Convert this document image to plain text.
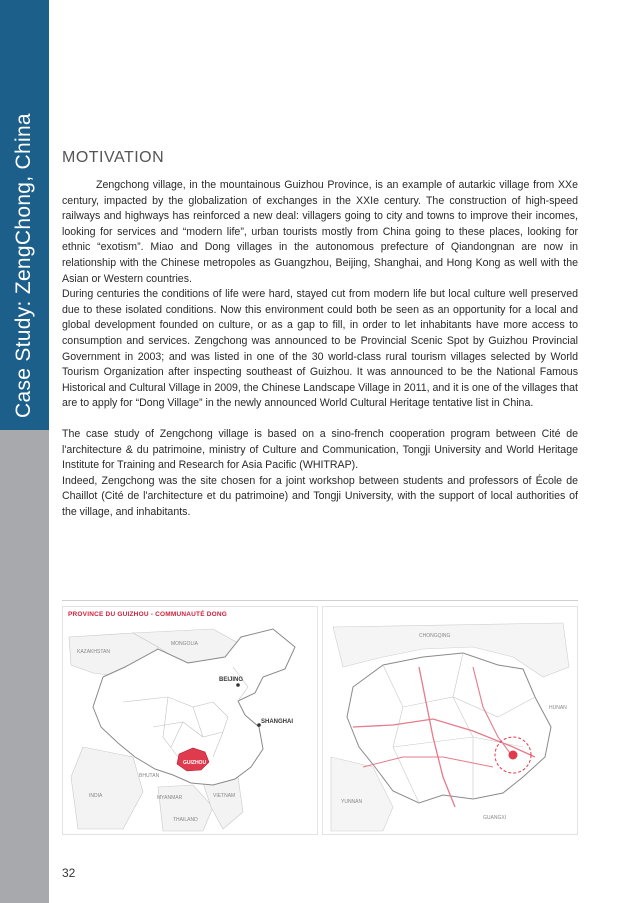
Case Study: ZengChong, China	MOTIVATION

Zengchong village, in the mountainous Guizhou Province, is an example of autarkic village from XXe century, impacted by the globalization of exchanges in the XXIe century. The construction of high-speed railways and highways has reinforced a new deal: villagers going to city and towns to improve their incomes, looking for services and “modern life”, urban tourists mostly from China going to these places, looking for ethnic “exotism”. Miao and Dong villages in the autonomous prefecture of Qiandongnan are now in relationship with the Chinese metropoles as Guangzhou, Beijing, Shanghai, and Hong Kong as well with the Asian or Western countries.

During centuries the conditions of life were hard, stayed cut from modern life but local culture well preserved due to these isolated conditions. Now this environment could both be seen as an opportunity for a local and global development founded on culture, or as a gap to fill, in order to let inhabitants have more access to consumption and services. Zengchong was announced to be Provincial Scenic Spot by Guizhou Provincial Government in 2003; and was listed in one of the 30 world-class rural tourism villages selected by World Tourism Organization after inspecting southeast of Guizhou. It was announced to be the National Famous Historical and Cultural Village in 2009, the Chinese Landscape Village in 2011, and it is one of the villages that are to apply for “Dong Village” in the newly announced World Cultural Heritage tentative list in China.

The case study of Zengchong village is based on a sino-french cooperation program between Cité de l'architecture & du patrimoine, ministry of Culture and Communication, Tongji University and World Heritage Institute for Training and Research for Asia Pacific (WHITRAP).

Indeed, Zengchong was the site chosen for a joint workshop between students and professors of École de Chaillot (Cité de l'architecture et du patrimoine) and Tongji University, with the support of local authorities of the village, and inhabitants.

PROVINCE DU GUIZHOU - COMMUNAUTÉ DONG
BEIJING
SHANGHAI
GUIZHOU
KAZAKHSTAN
MONGOLIA
BHUTAN
MYANMAR
INDIA
THAILAND
VIETNAM
CHONGQING
HUNAN
YUNNAN
GUANGXI
32
